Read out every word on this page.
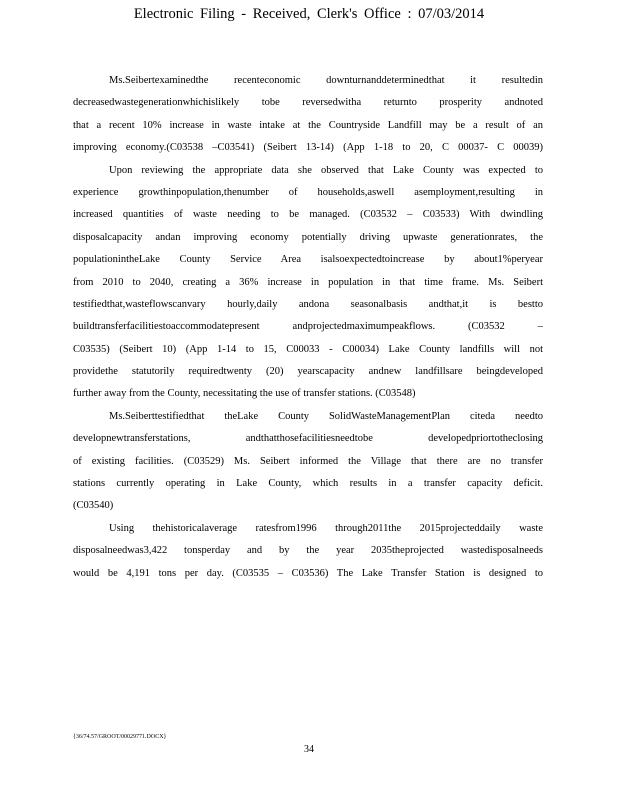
Electronic Filing - Received, Clerk's Office : 07/03/2014
Ms.Seibertexaminedthe recenteconomic downturnanddeterminedthat it resultedin
decreasedwastegenerationwhichislikely tobe reversedwitha returnto prosperity andnoted
that a recent 10% increase in waste intake at the Countryside Landfill may be a result of an
improving economy.(C03538 –C03541) (Seibert 13-14) (App 1-18 to 20, C 00037- C 00039)
Upon reviewing the appropriate data she observed that Lake County was expected to
experience growthinpopulation,thenumber of households,aswell asemployment,resulting in
increased quantities of waste needing to be managed. (C03532 – C03533) With dwindling
disposalcapacity andan improving economy potentially driving upwaste generationrates, the
populationintheLake County Service Area isalsoexpectedtoincrease by about1%peryear
from 2010 to 2040, creating a 36% increase in population in that time frame. Ms. Seibert
testifiedthat,wasteflowscanvary hourly,daily andona seasonalbasis andthat,it is bestto
buildtransferfacilitiestoaccommodatepresent andprojectedmaximumpeakflows. (C03532 –
C03535) (Seibert 10) (App 1-14 to 15, C00033 - C00034) Lake County landfills will not
providethe statutorily requiredtwenty (20) yearscapacity andnew landfillsare beingdeveloped
further away from the County, necessitating the use of transfer stations. (C03548)
Ms.Seiberttestifiedthat theLake County SolidWasteManagementPlan citeda needto
developnewtransferstations, andthatthosefacilitiesneedtobe developedpriortotheclosing
of existing facilities. (C03529) Ms. Seibert informed the Village that there are no transfer
stations currently operating in Lake County, which results in a transfer capacity deficit.
(C03540)
Using thehistoricalaverage ratesfrom1996 through2011the 2015projecteddaily waste
disposalneedwas3,422 tonsperday and by the year 2035theprojected wastedisposalneeds
would be 4,191 tons per day. (C03535 – C03536) The Lake Transfer Station is designed to
{36/74.57/GROOT/00029771.DOCX}
34
